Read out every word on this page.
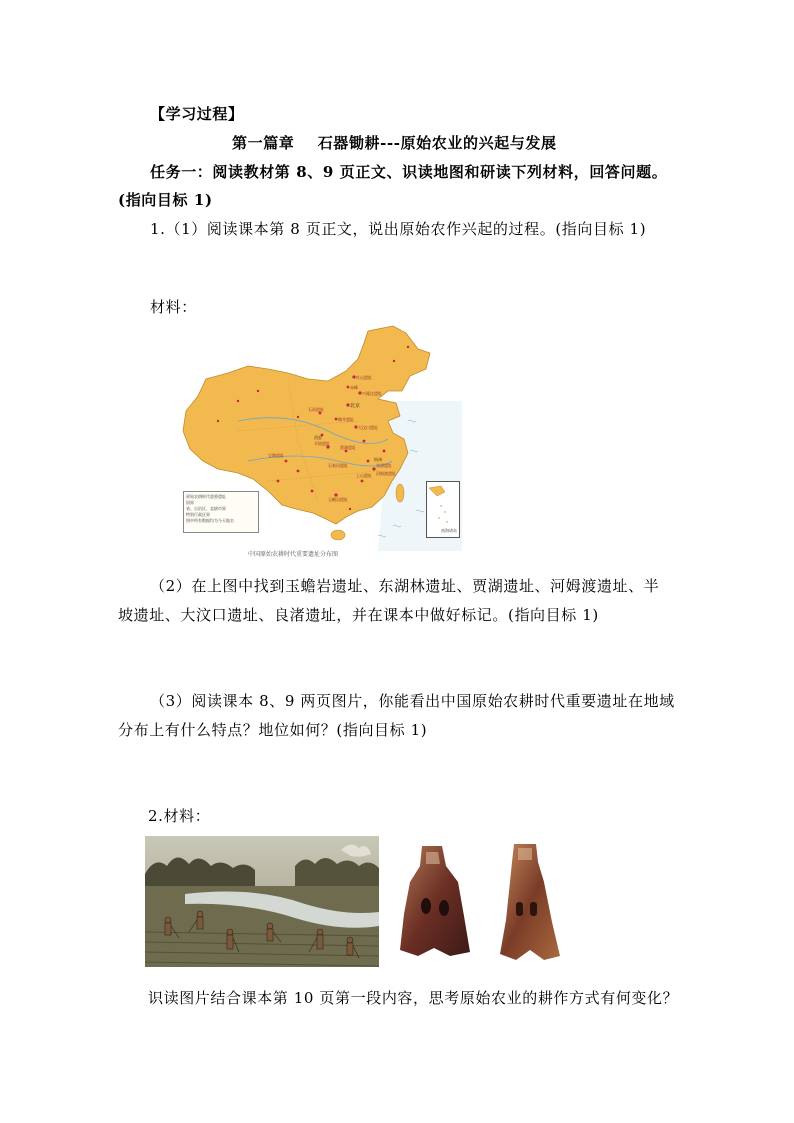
【学习过程】
第一篇章    石器锄耕---原始农业的兴起与发展
任务一：阅读教材第 8、9 页正文、识读地图和研读下列材料，回答问题。
(指向目标 1)
1.（1）阅读课本第 8 页正文，说出原始农作兴起的过程。(指向目标 1)
材料：
红山遗址
赤峰
兴隆洼遗址
北京
石峁遗址
陶寺遗址
西安
半坡遗址
贾湖遗址
大汶口遗址
宝墩遗址
石家河遗址	良渚遗址
上山遗址 河姆渡遗址
玉蟾岩遗址
杭州
原始农耕时代重要遗址
国界
省、自治区、直辖市界
特别行政区界
图中所有数据均为今天地名
南海诸岛
中国原始农耕时代重要遗址分布图
（2）在上图中找到玉蟾岩遗址、东湖林遗址、贾湖遗址、河姆渡遗址、半
坡遗址、大汶口遗址、良渚遗址，并在课本中做好标记。(指向目标 1)
（3）阅读课本 8、9 两页图片，你能看出中国原始农耕时代重要遗址在地域
分布上有什么特点？地位如何？(指向目标 1)
2.材料：
识读图片结合课本第 10 页第一段内容，思考原始农业的耕作方式有何变化？
